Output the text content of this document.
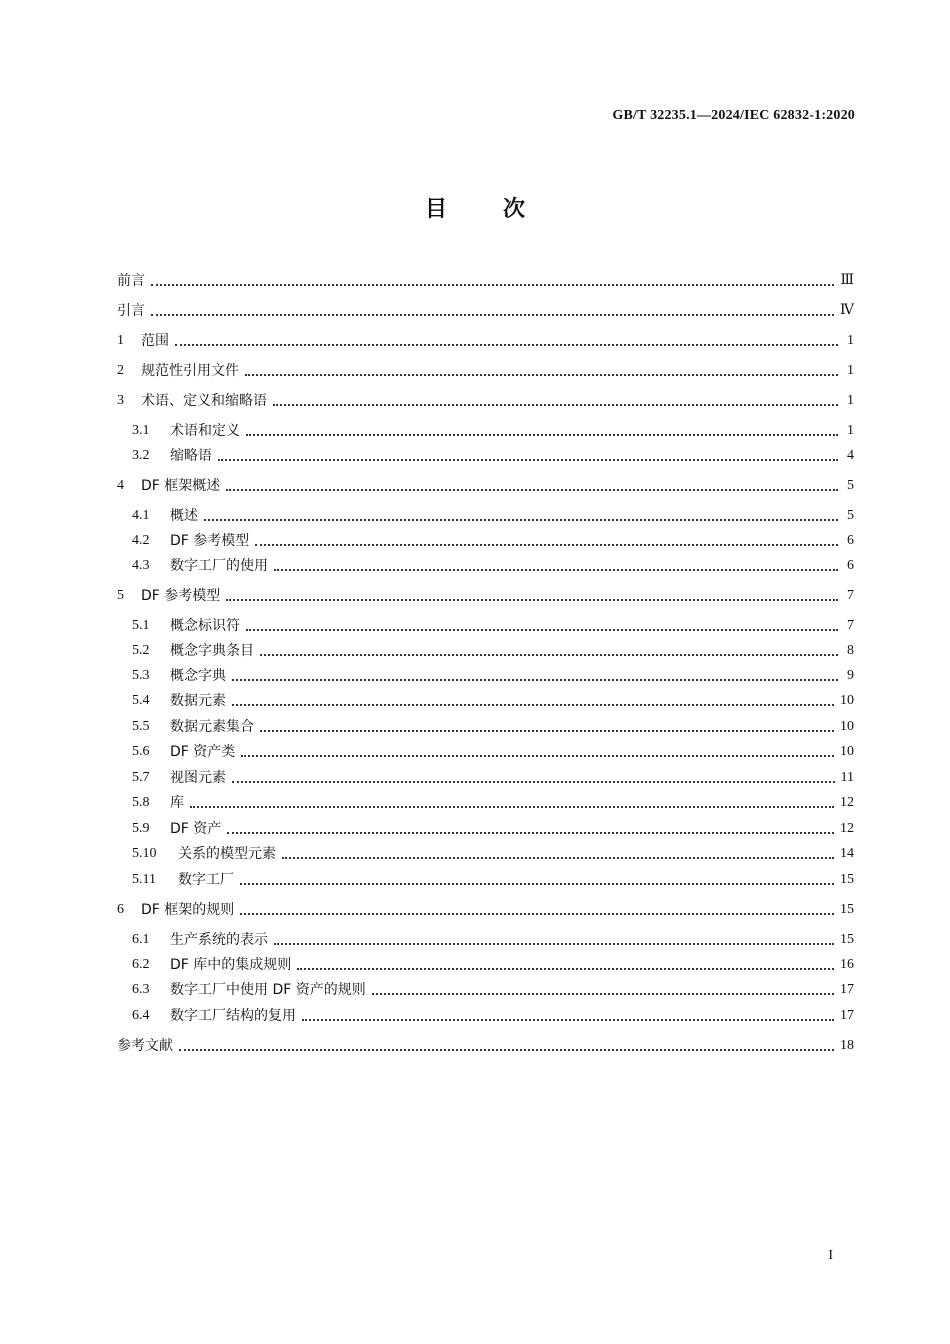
GB/T 32235.1—2024/IEC 62832-1:2020
目次
前言	Ⅲ
引言	Ⅳ
1	范围	1
2	规范性引用文件	1
3	术语、定义和缩略语	1
3.1	术语和定义	1
3.2	缩略语	4
4	DF 框架概述	5
4.1	概述	5
4.2	DF 参考模型	6
4.3	数字工厂的使用	6
5	DF 参考模型	7
5.1	概念标识符	7
5.2	概念字典条目	8
5.3	概念字典	9
5.4	数据元素	10
5.5	数据元素集合	10
5.6	DF 资产类	10
5.7	视图元素	11
5.8	库	12
5.9	DF 资产	12
5.10	关系的模型元素	14
5.11	数字工厂	15
6	DF 框架的规则	15
6.1	生产系统的表示	15
6.2	DF 库中的集成规则	16
6.3	数字工厂中使用 DF 资产的规则	17
6.4	数字工厂结构的复用	17
参考文献	18
I
